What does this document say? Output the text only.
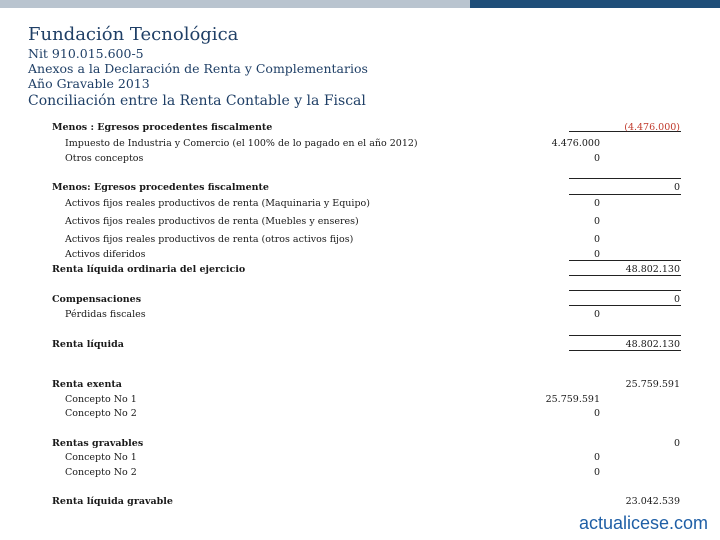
Fundación Tecnológica
Nit 910.015.600-5
Anexos a la Declaración de Renta y Complementarios
Año Gravable 2013
Conciliación entre la Renta Contable y la Fiscal
Menos : Egresos procedentes fiscalmente	(4.476.000)
Impuesto de Industria y Comercio (el 100% de lo pagado en el año 2012)	4.476.000
Otros conceptos	0
Menos: Egresos procedentes fiscalmente	0
Activos fijos reales productivos de renta (Maquinaria y Equipo)	0
Activos fijos reales productivos de renta (Muebles y enseres)	0
Activos fijos reales productivos de renta (otros activos fijos)	0
Activos diferidos	0
Renta líquida ordinaria del ejercicio	48.802.130
Compensaciones	0
Pérdidas fiscales	0
Renta líquida	48.802.130
Renta exenta	25.759.591
Concepto No 1	25.759.591
Concepto No 2	0
Rentas gravables	0
Concepto No 1	0
Concepto No 2	0
Renta líquida gravable	23.042.539
actualicese.com
